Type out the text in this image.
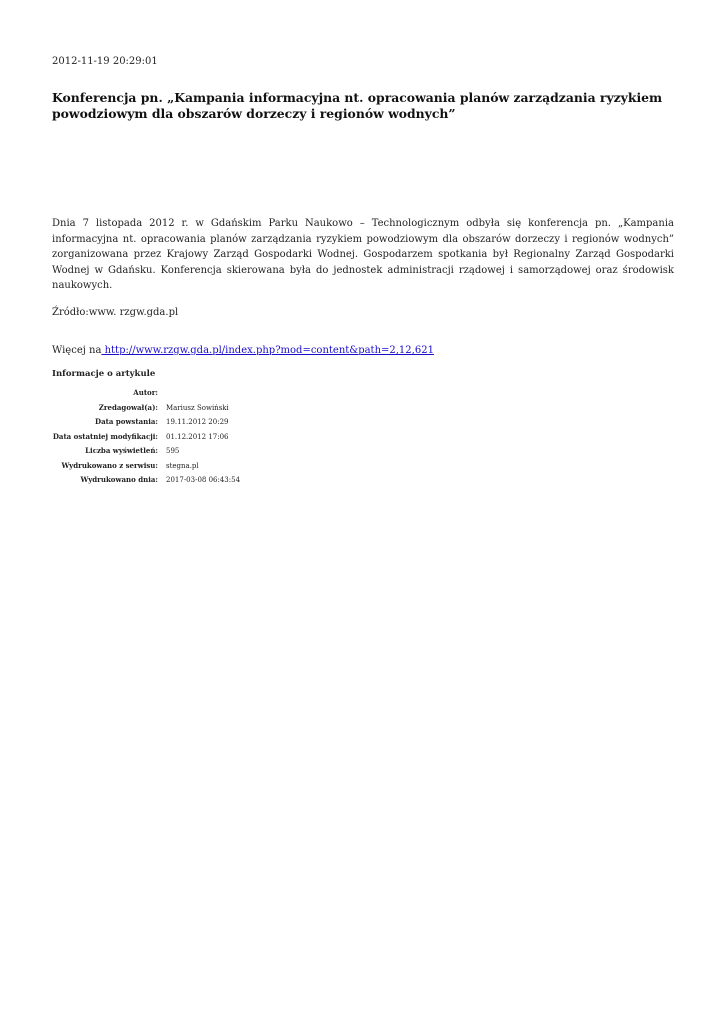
2012-11-19 20:29:01
Konferencja pn. „Kampania informacyjna nt. opracowania planów zarządzania ryzykiem powodziowym dla obszarów dorzeczy i regionów wodnych”

Dnia 7 listopada 2012 r. w Gdańskim Parku Naukowo – Technologicznym odbyła się konferencja pn. „Kampania informacyjna nt. opracowania planów zarządzania ryzykiem powodziowym dla obszarów dorzeczy i regionów wodnych” zorganizowana przez Krajowy Zarząd Gospodarki Wodnej. Gospodarzem spotkania był Regionalny Zarząd Gospodarki Wodnej w Gdańsku. Konferencja skierowana była do jednostek administracji rządowej i samorządowej oraz środowisk naukowych.

Źródło:www. rzgw.gda.pl

Więcej na http://www.rzgw.gda.pl/index.php?mod=content&path=2,12,621

Informacje o artykule
Autor:	
Zredagował(a):	Mariusz Sowiński
Data powstania:	19.11.2012 20:29
Data ostatniej modyfikacji:	01.12.2012 17:06
Liczba wyświetleń:	595
Wydrukowano z serwisu:	stegna.pl
Wydrukowano dnia:	2017-03-08 06:43:54
